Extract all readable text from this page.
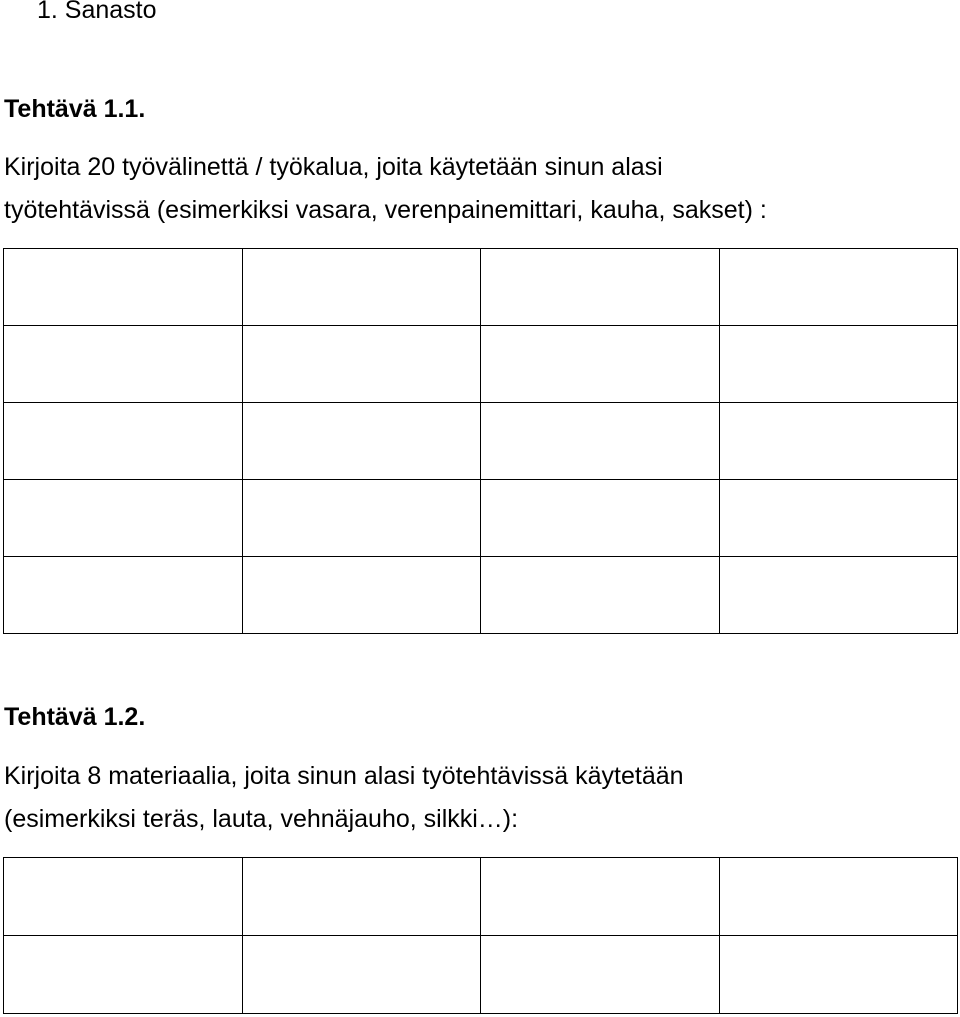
1. Sanasto
Tehtävä 1.1.
Kirjoita 20 työvälinettä / työkalua, joita käytetään sinun alasi
työtehtävissä (esimerkiksi vasara, verenpainemittari, kauha, sakset) :

Tehtävä 1.2.
Kirjoita 8 materiaalia, joita sinun alasi työtehtävissä käytetään
(esimerkiksi teräs, lauta, vehnäjauho, silkki…):
